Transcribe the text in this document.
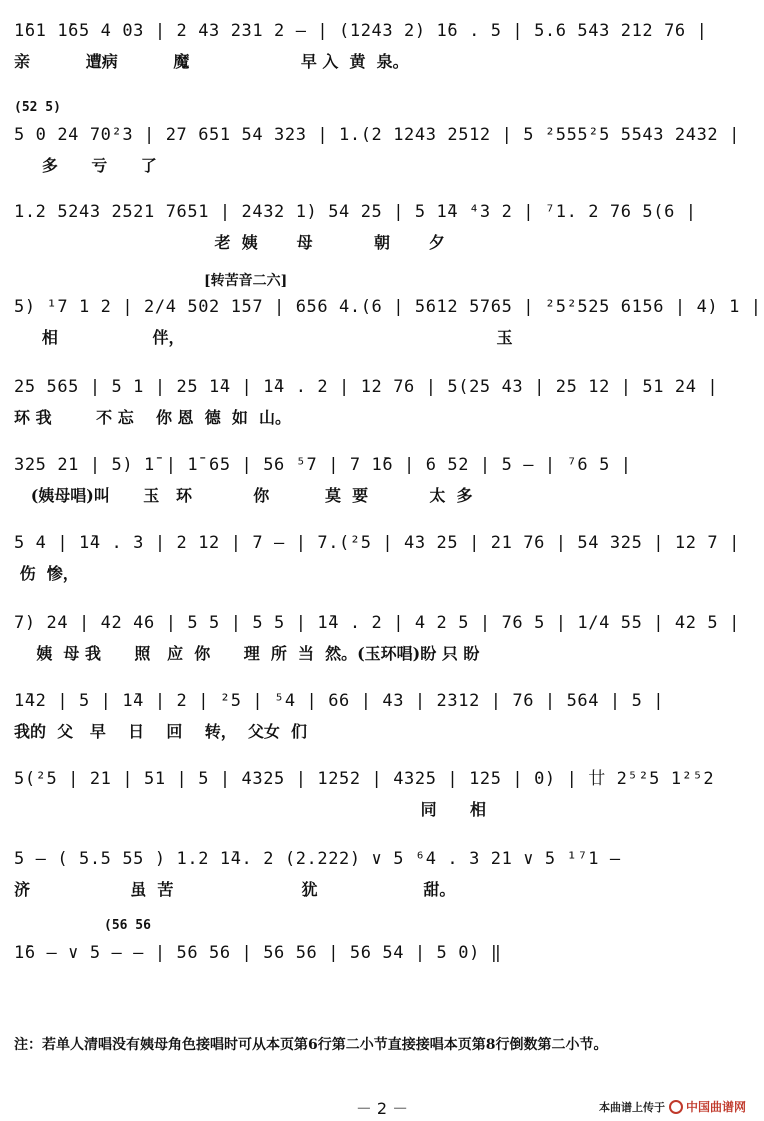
1̄61 1̄65 4 03 | 2 43 231 2 — | (1243 2) 1̄6 . 5 | 5.6 543 212 76 |
亲          遭病          魔                    早 入  黄  泉。
(52 5)
5 0 24 70²3 | 27 651 54 323 | 1.(2 1243 2512 | 5 ²555²5 5543 2432 |
多      亏      了
1.2 5243 2521 7651 | 2432 1) 54 25 | 5 1̄4 ⁴3 2 | ⁷1. 2 76 5(6 |
老  姨       母           朝       夕
[转苦音二六]
5) ¹7 1 2 | 2/4 502 157 | 656 4.(6 | 5612 5765 | ²5²525 6156 | 4) 1 |
相                 伴，                                                        玉
25 565 | 5 1 | 25 1̄4 | 1̄4 . 2 | 12 76 | 5(25 43 | 25 12 | 51 24 |
环 我        不 忘    你 恩  德  如  山。
325 21 | 5) 1̄ | 1̄ 65 | 56 ⁵7 | 7 1̄6 | 6 52 | 5 — | ⁷6 5 |
(姨母唱)叫      玉   环           你          莫  要           太  多
5 4 | 1̄4 . 3 | 2 12 | 7 — | 7.(²5 | 43 25 | 21 76 | 54 325 | 12 7 |
伤  惨，
7) 24 | 42 46 | 5 5 | 5 5 | 1̄4 . 2 | 4 2 5 | 76 5 | 1/4 55 | 42 5 |
姨  母 我      照   应  你      理  所  当  然。(玉环唱)盼 只 盼
1̄42 | 5 | 1̄4 | 2 | ²5 | ⁵4 | 66 | 43 | 2312 | 76 | 564 | 5 |
我的  父   早    日    回    转，  父女  们
5(²5 | 21 | 51 | 5 | 4325 | 1252 | 4325 | 125 | 0) | 廿 2⁵²5 1²⁵2
同      相
5 — ( 5.5 55 ) 1.2 1̄4. 2 (2.222) ∨ 5 ⁶4 . 3 21 ∨ 5 ¹⁷1 —
济                  虽  苦                       犹                   甜。
(56 56
1̄6 — ∨ 5 — — | 56 56 | 56 56 | 56 54 | 5 0) ‖
注：若单人清唱没有姨母角色接唱时可从本页第6行第二小节直接接唱本页第8行倒数第二小节。
－ 2 －	本曲谱上传于 中国曲谱网
